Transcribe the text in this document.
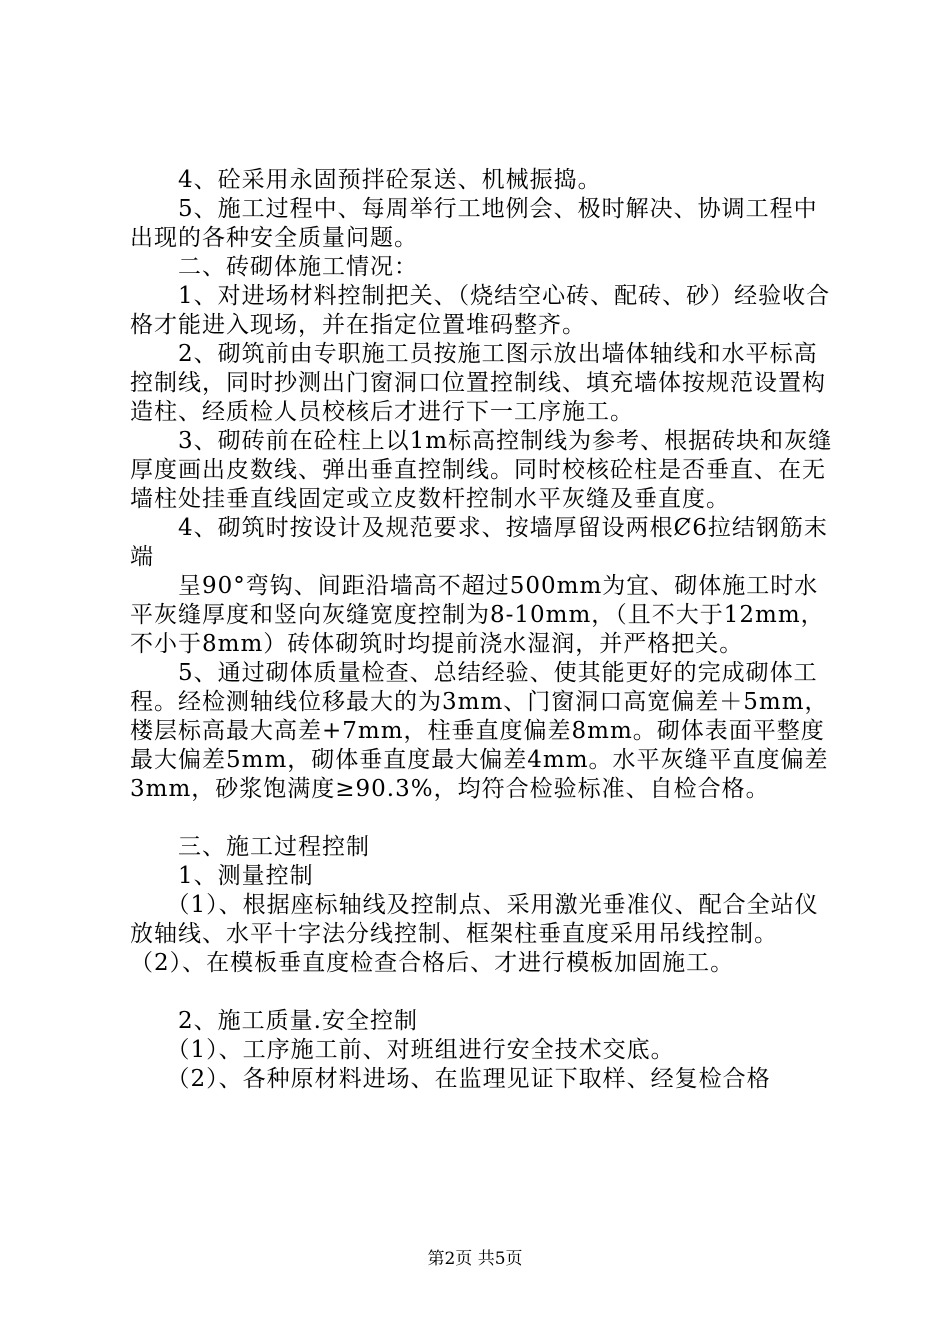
　　4、砼采用永固预拌砼泵送、机械振捣。

　　5、施工过程中、每周举行工地例会、极时解决、协调工程中出现的各种安全质量问题。

　　二、砖砌体施工情况：

　　1、对进场材料控制把关、（烧结空心砖、配砖、砂）经验收合格才能进入现场，并在指定位置堆码整齐。

　　2、砌筑前由专职施工员按施工图示放出墙体轴线和水平标高控制线，同时抄测出门窗洞口位置控制线、填充墙体按规范设置构造柱、经质检人员校核后才进行下一工序施工。

　　3、砌砖前在砼柱上以1m标高控制线为参考、根据砖块和灰缝厚度画出皮数线、弹出垂直控制线。同时校核砼柱是否垂直、在无墙柱处挂垂直线固定或立皮数杆控制水平灰缝及垂直度。

　　4、砌筑时按设计及规范要求、按墙厚留设两根Ȼ6拉结钢筋末端

　　呈90°弯钩、间距沿墙高不超过500mm为宜、砌体施工时水平灰缝厚度和竖向灰缝宽度控制为8-10mm，（且不大于12mm，不小于8mm）砖体砌筑时均提前浇水湿润，并严格把关。

　　5、通过砌体质量检查、总结经验、使其能更好的完成砌体工程。经检测轴线位移最大的为3mm、门窗洞口高宽偏差＋5mm，楼层标高最大高差+7mm，柱垂直度偏差8mm。砌体表面平整度最大偏差5mm，砌体垂直度最大偏差4mm。水平灰缝平直度偏差3mm，砂浆饱满度≥90.3%，均符合检验标准、自检合格。

　　三、施工过程控制

　　1、测量控制

　　（1）、根据座标轴线及控制点、采用激光垂准仪、配合全站仪放轴线、水平十字法分线控制、框架柱垂直度采用吊线控制。（2）、在模板垂直度检查合格后、才进行模板加固施工。

　　2、施工质量.安全控制

　　（1）、工序施工前、对班组进行安全技术交底。

　　（2）、各种原材料进场、在监理见证下取样、经复检合格

第2页 共5页
